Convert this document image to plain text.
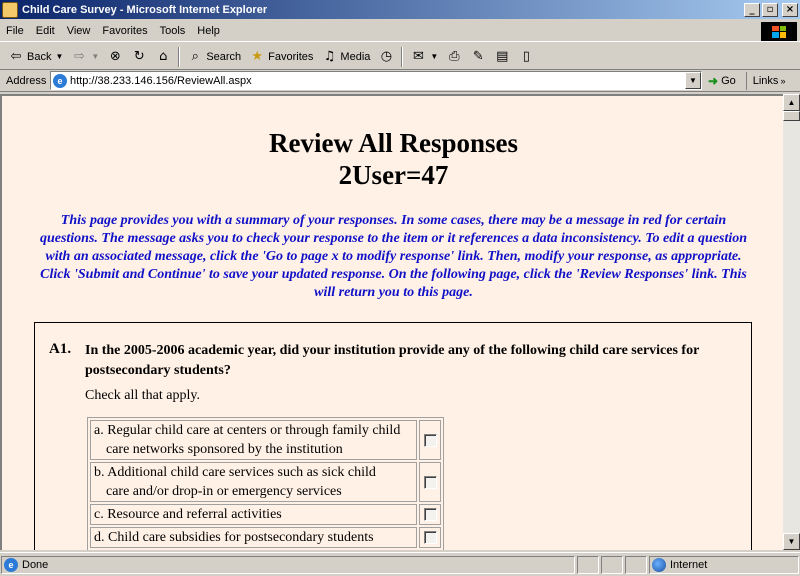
Child Care Survey - Microsoft Internet Explorer	_	▫	×
File	Edit	View	Favorites	Tools	Help
⇦ Back ▼ ⇨ ▼ ⊗ ↻ ⌂	⌕ Search ★ Favorites ♫ Media ◷ ✉ ▼ ⎙ ✎ ▤	▯
Address	e http://38.233.146.156/ReviewAll.aspx	▼ ➜ Go Links »
Review All Responses
2User=47
This page provides you with a summary of your responses. In some cases, there may be a message in red for certain questions. The message asks you to check your response to the item or it references a data inconsistency. To edit a question with an associated message, click the 'Go to page x to modify response' link. Then, modify your response, as appropriate. Click 'Submit and Continue' to save your updated response. On the following page, click the 'Review Responses' link. This will return you to this page.
A1. In the 2005-2006 academic year, did your institution provide any of the following child care services for postsecondary students?
Check all that apply.
a. Regular child care at centers or through family child
care networks sponsored by the institution	

b. Additional child care services such as sick child
care and/or drop-in or emergency services	

c. Resource and referral activities	
d. Child care subsidies for postsecondary students	
▲
▼
e Done	Internet
